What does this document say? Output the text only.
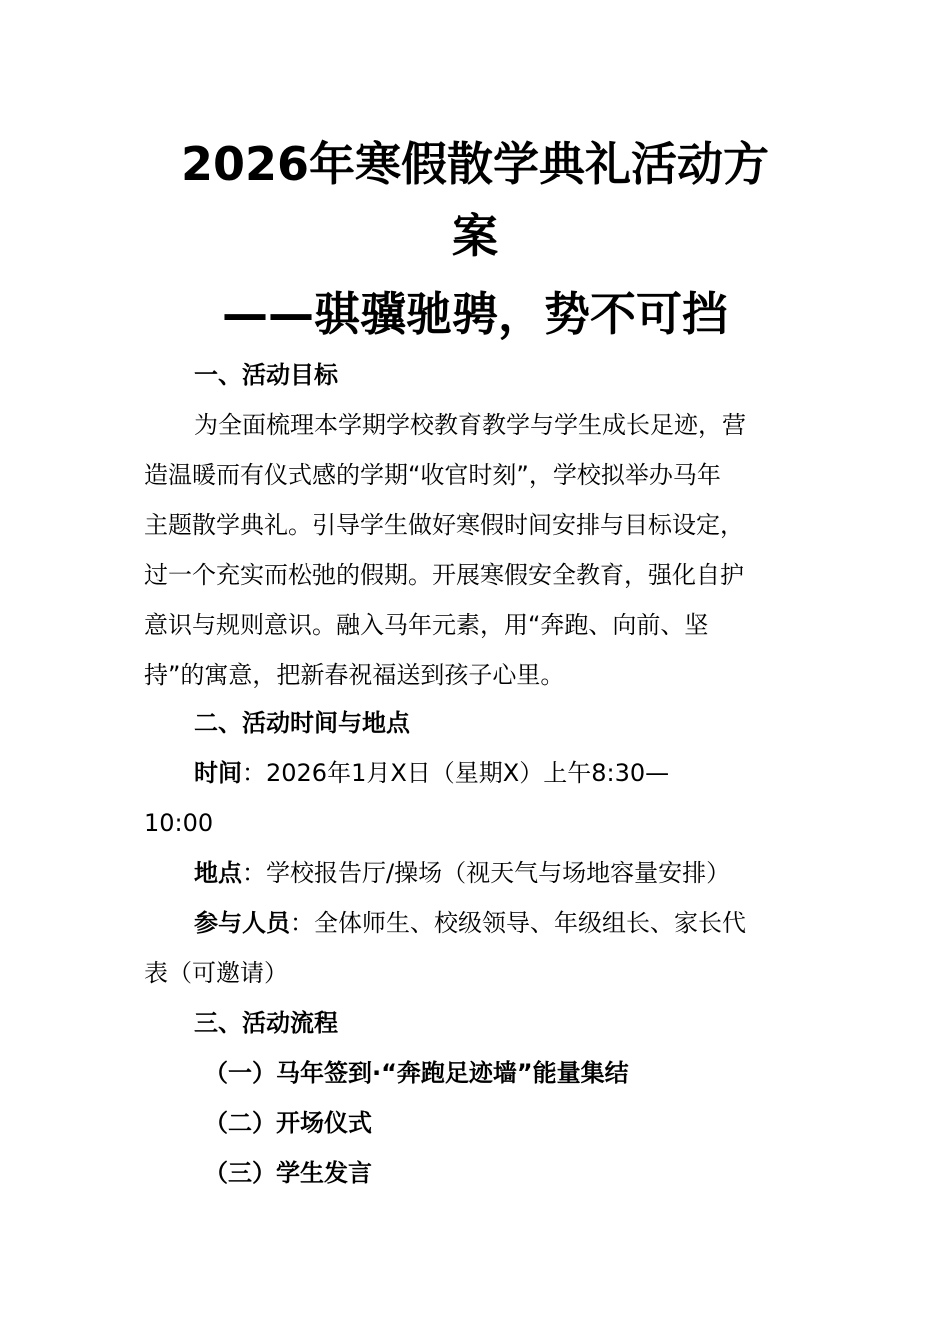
2026年寒假散学典礼活动方
案
——骐骥驰骋，势不可挡

一、活动目标

为全面梳理本学期学校教育教学与学生成长足迹，营

造温暖而有仪式感的学期“收官时刻”，学校拟举办马年

主题散学典礼。引导学生做好寒假时间安排与目标设定，

过一个充实而松弛的假期。开展寒假安全教育，强化自护

意识与规则意识。融入马年元素，用“奔跑、向前、坚

持”的寓意，把新春祝福送到孩子心里。

二、活动时间与地点

时间：2026年1月X日（星期X）上午8:30—

10:00

地点：学校报告厅/操场（视天气与场地容量安排）

参与人员：全体师生、校级领导、年级组长、家长代

表（可邀请）

三、活动流程

（一）马年签到·“奔跑足迹墙”能量集结

（二）开场仪式

（三）学生发言
